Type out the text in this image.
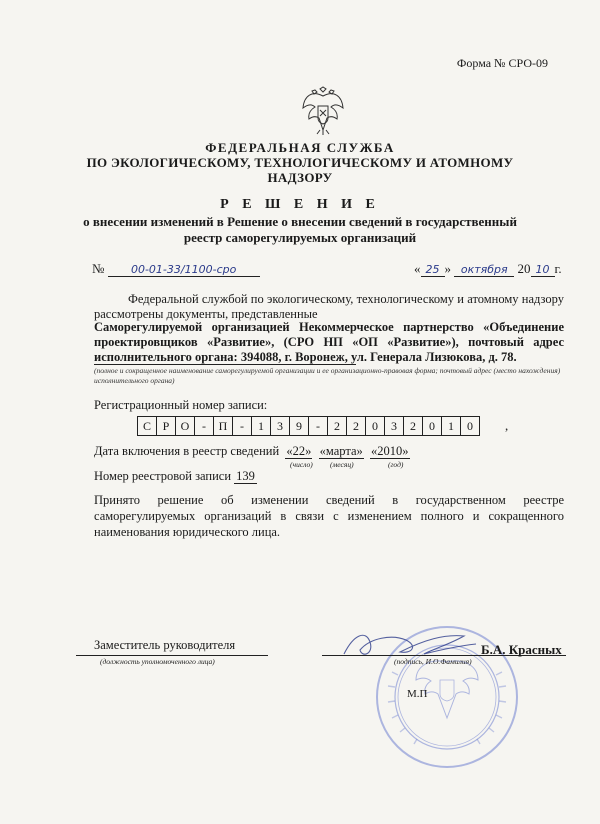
Форма № СРО-09
ФЕДЕРАЛЬНАЯ СЛУЖБА
ПО ЭКОЛОГИЧЕСКОМУ, ТЕХНОЛОГИЧЕСКОМУ И АТОМНОМУ
НАДЗОРУ
Р Е Ш Е Н И Е
о внесении изменений в Решение о внесении сведений в государственный
реестр саморегулируемых организаций
№ 00-01-33/1100-сро	« 25 » октября 20 10 г.
Федеральной службой по экологическому, технологическому и атомному надзору рассмотрены документы, представленные
Саморегулируемой организацией Некоммерческое партнерство «Объединение проектировщиков «Развитие», (СРО НП «ОП «Развитие»), почтовый адрес исполнительного органа: 394088, г. Воронеж, ул. Генерала Лизюкова, д. 78.
(полное и сокращенное наименование саморегулируемой организации и ее организационно-правовая форма; почтовый адрес (место нахождения) исполнительного органа)
Регистрационный номер записи:
С Р О	-	П	-	1	3	9	-	2	2	0	3	2	0	1	0	,
Дата включения в реестр сведений «22» «марта» «2010»
(число) (месяц)	(год)
Номер реестровой записи 139
Принято решение об изменении сведений в государственном реестре саморегулируемых организаций в связи с изменением полного и сокращенного наименования юридического лица.
Заместитель руководителя
(должность уполномоченного лица)
Б.А. Красных
(подпись, И.О.Фамилия)
М.П
